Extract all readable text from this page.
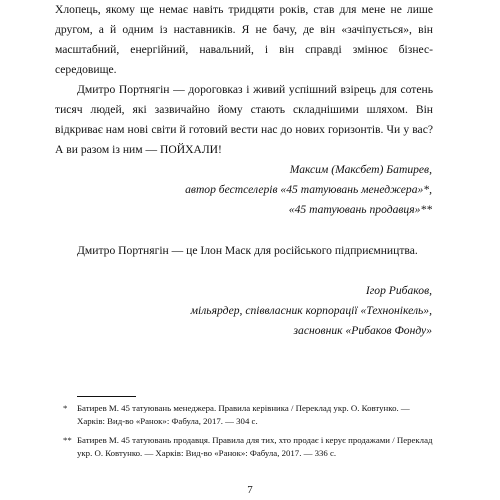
Хлопець, якому ще немає навіть тридцяти років, став для мене не лише другом, а й одним із наставників. Я не бачу, де він «зачіпується», він масштабний, енергійний, навальний, і він справді змінює бізнес-середовище.

Дмитро Портнягін — дороговказ і живий успішний взірець для сотень тисяч людей, які зазвичайно йому стають складнішими шляхом. Він відкриває нам нові світи й готовий вести нас до нових горизонтів. Чи у вас? А ви разом із ним — ПОЙХАЛИ!

Максим (Максбет) Батирев,
автор бестселерів «45 татуювань менеджера»*,
«45 татуювань продавця»**

Дмитро Портнягін — це Ілон Маск для російського підприємництва.

Ігор Рибаков,
мільярдер, співвласник корпорації «Технонікель»,
засновник «Рибаков Фонду»
* Батирев М. 45 татуювань менеджера. Правила керівника / Переклад укр. О. Ковтунко. — Харків: Вид-во «Ранок»: Фабула, 2017. — 304 с.
** Батирев М. 45 татуювань продавця. Правила для тих, хто продає і керує продажами / Переклад укр. О. Ковтунко. — Харків: Вид-во «Ранок»: Фабула, 2017. — 336 с.
7
